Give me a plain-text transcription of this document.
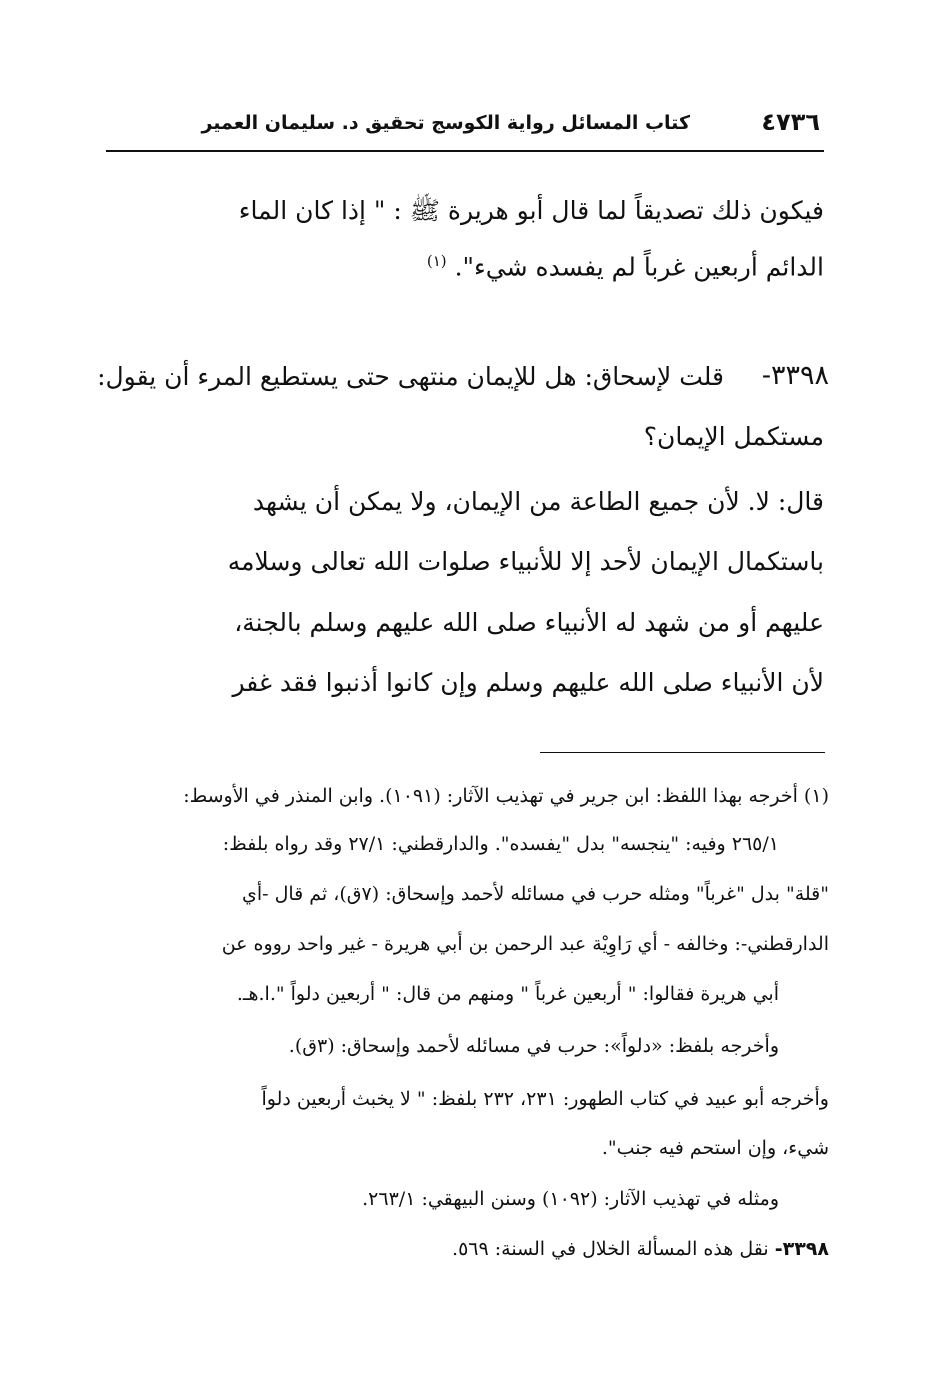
٤٧٣٦
كتاب المسائل رواية الكوسج تحقيق د. سليمان العمير
فيكون ذلك تصديقاً لما قال أبو هريرة ﷺ : " إذا كان الماء
الدائم أربعين غرباً لم يفسده شيء". $^{(١)}$
٣٣٩٨-
قلت لإسحاق: هل للإيمان منتهى حتى يستطيع المرء أن يقول:
مستكمل الإيمان؟
قال: لا. لأن جميع الطاعة من الإيمان، ولا يمكن أن يشهد
باستكمال الإيمان لأحد إلا للأنبياء صلوات الله تعالى وسلامه
عليهم أو من شهد له الأنبياء صلى الله عليهم وسلم بالجنة،
لأن الأنبياء صلى الله عليهم وسلم وإن كانوا أذنبوا فقد غفر
(١) أخرجه بهذا اللفظ: ابن جرير في تهذيب الآثار: (١٠٩١). وابن المنذر في الأوسط:
٢٦٥/١ وفيه: "ينجسه" بدل "يفسده". والدارقطني: ٢٧/١ وقد رواه بلفظ:
"قلة" بدل "غرباً" ومثله حرب في مسائله لأحمد وإسحاق: (٧ق)، ثم قال -أي
الدارقطني-: وخالفه - أي رَاوِيْة عبد الرحمن بن أبي هريرة - غير واحد رووه عن
أبي هريرة فقالوا: " أربعين غرباً " ومنهم من قال: " أربعين دلواً ".ا.هـ.
وأخرجه بلفظ: «دلواً»: حرب في مسائله لأحمد وإسحاق: (٣ق).
وأخرجه أبو عبيد في كتاب الطهور: ٢٣١، ٢٣٢ بلفظ: " لا يخبث أربعين دلواً
شيء، وإن استحم فيه جنب".
ومثله في تهذيب الآثار: (١٠٩٢) وسنن البيهقي: ٢٦٣/١.
٣٣٩٨- نقل هذه المسألة الخلال في السنة: ٥٦٩.
